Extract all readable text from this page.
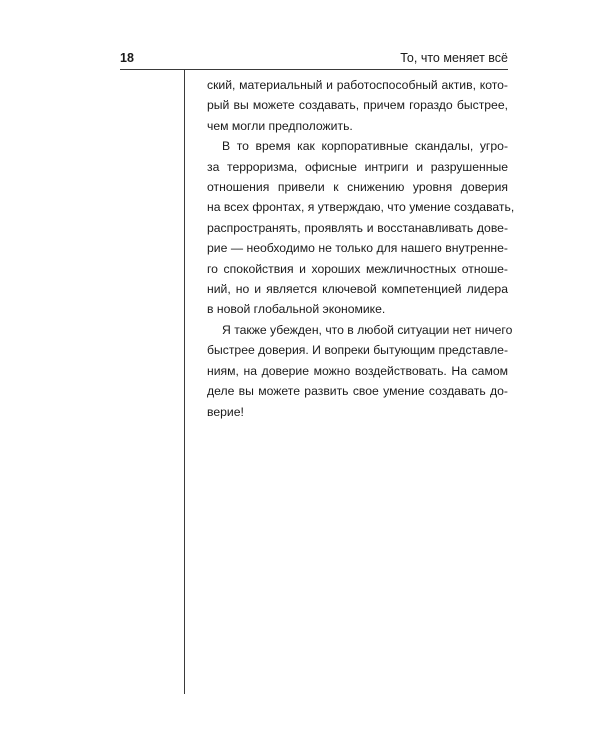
18	То, что меняет всё
ский, материальный и работоспособный актив, кото-
рый вы можете создавать, причем гораздо быстрее,
чем могли предположить.
В то время как корпоративные скандалы, угро-
за терроризма, офисные интриги и разрушенные
отношения привели к снижению уровня доверия
на всех фронтах, я утверждаю, что умение создавать,
распространять, проявлять и восстанавливать дове-
рие — необходимо не только для нашего внутренне-
го спокойствия и хороших межличностных отноше-
ний, но и является ключевой компетенцией лидера
в новой глобальной экономике.
Я также убежден, что в любой ситуации нет ничего
быстрее доверия. И вопреки бытующим представле-
ниям, на доверие можно воздействовать. На самом
деле вы можете развить свое умение создавать до-
верие!
